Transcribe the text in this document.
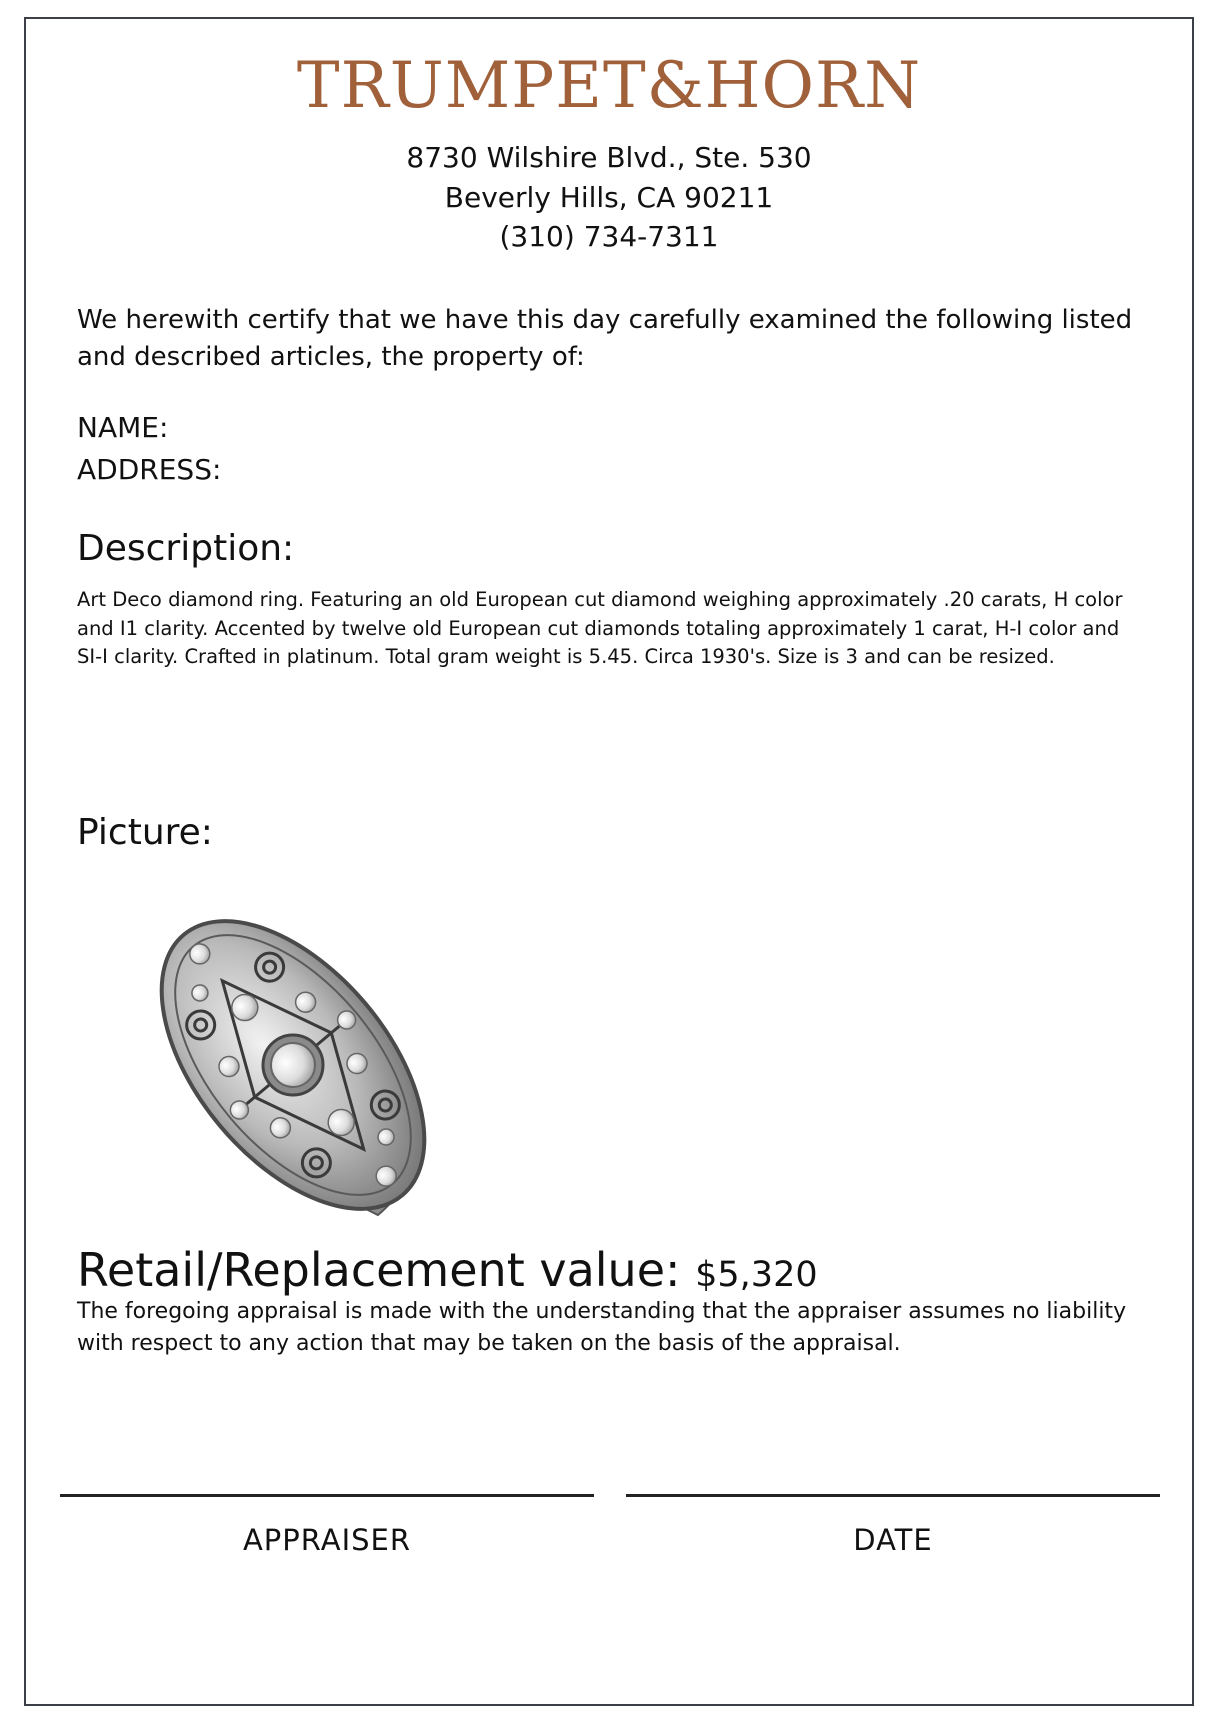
TRUMPET&HORN

8730 Wilshire Blvd., Ste. 530

Beverly Hills, CA 90211

(310) 734-7311

We herewith certify that we have this day carefully examined the following listed and described articles, the property of:

NAME:

ADDRESS:

Description:

Art Deco diamond ring. Featuring an old European cut diamond weighing approximately .20 carats, H color and I1 clarity. Accented by twelve old European cut diamonds totaling approximately 1 carat, H-I color and SI-I clarity. Crafted in platinum. Total gram weight is 5.45. Circa 1930's. Size is 3 and can be resized.

Picture:

Retail/Replacement value: $5,320

The foregoing appraisal is made with the understanding that the appraiser assumes no liability with respect to any action that may be taken on the basis of the appraisal.

APPRAISER	DATE
